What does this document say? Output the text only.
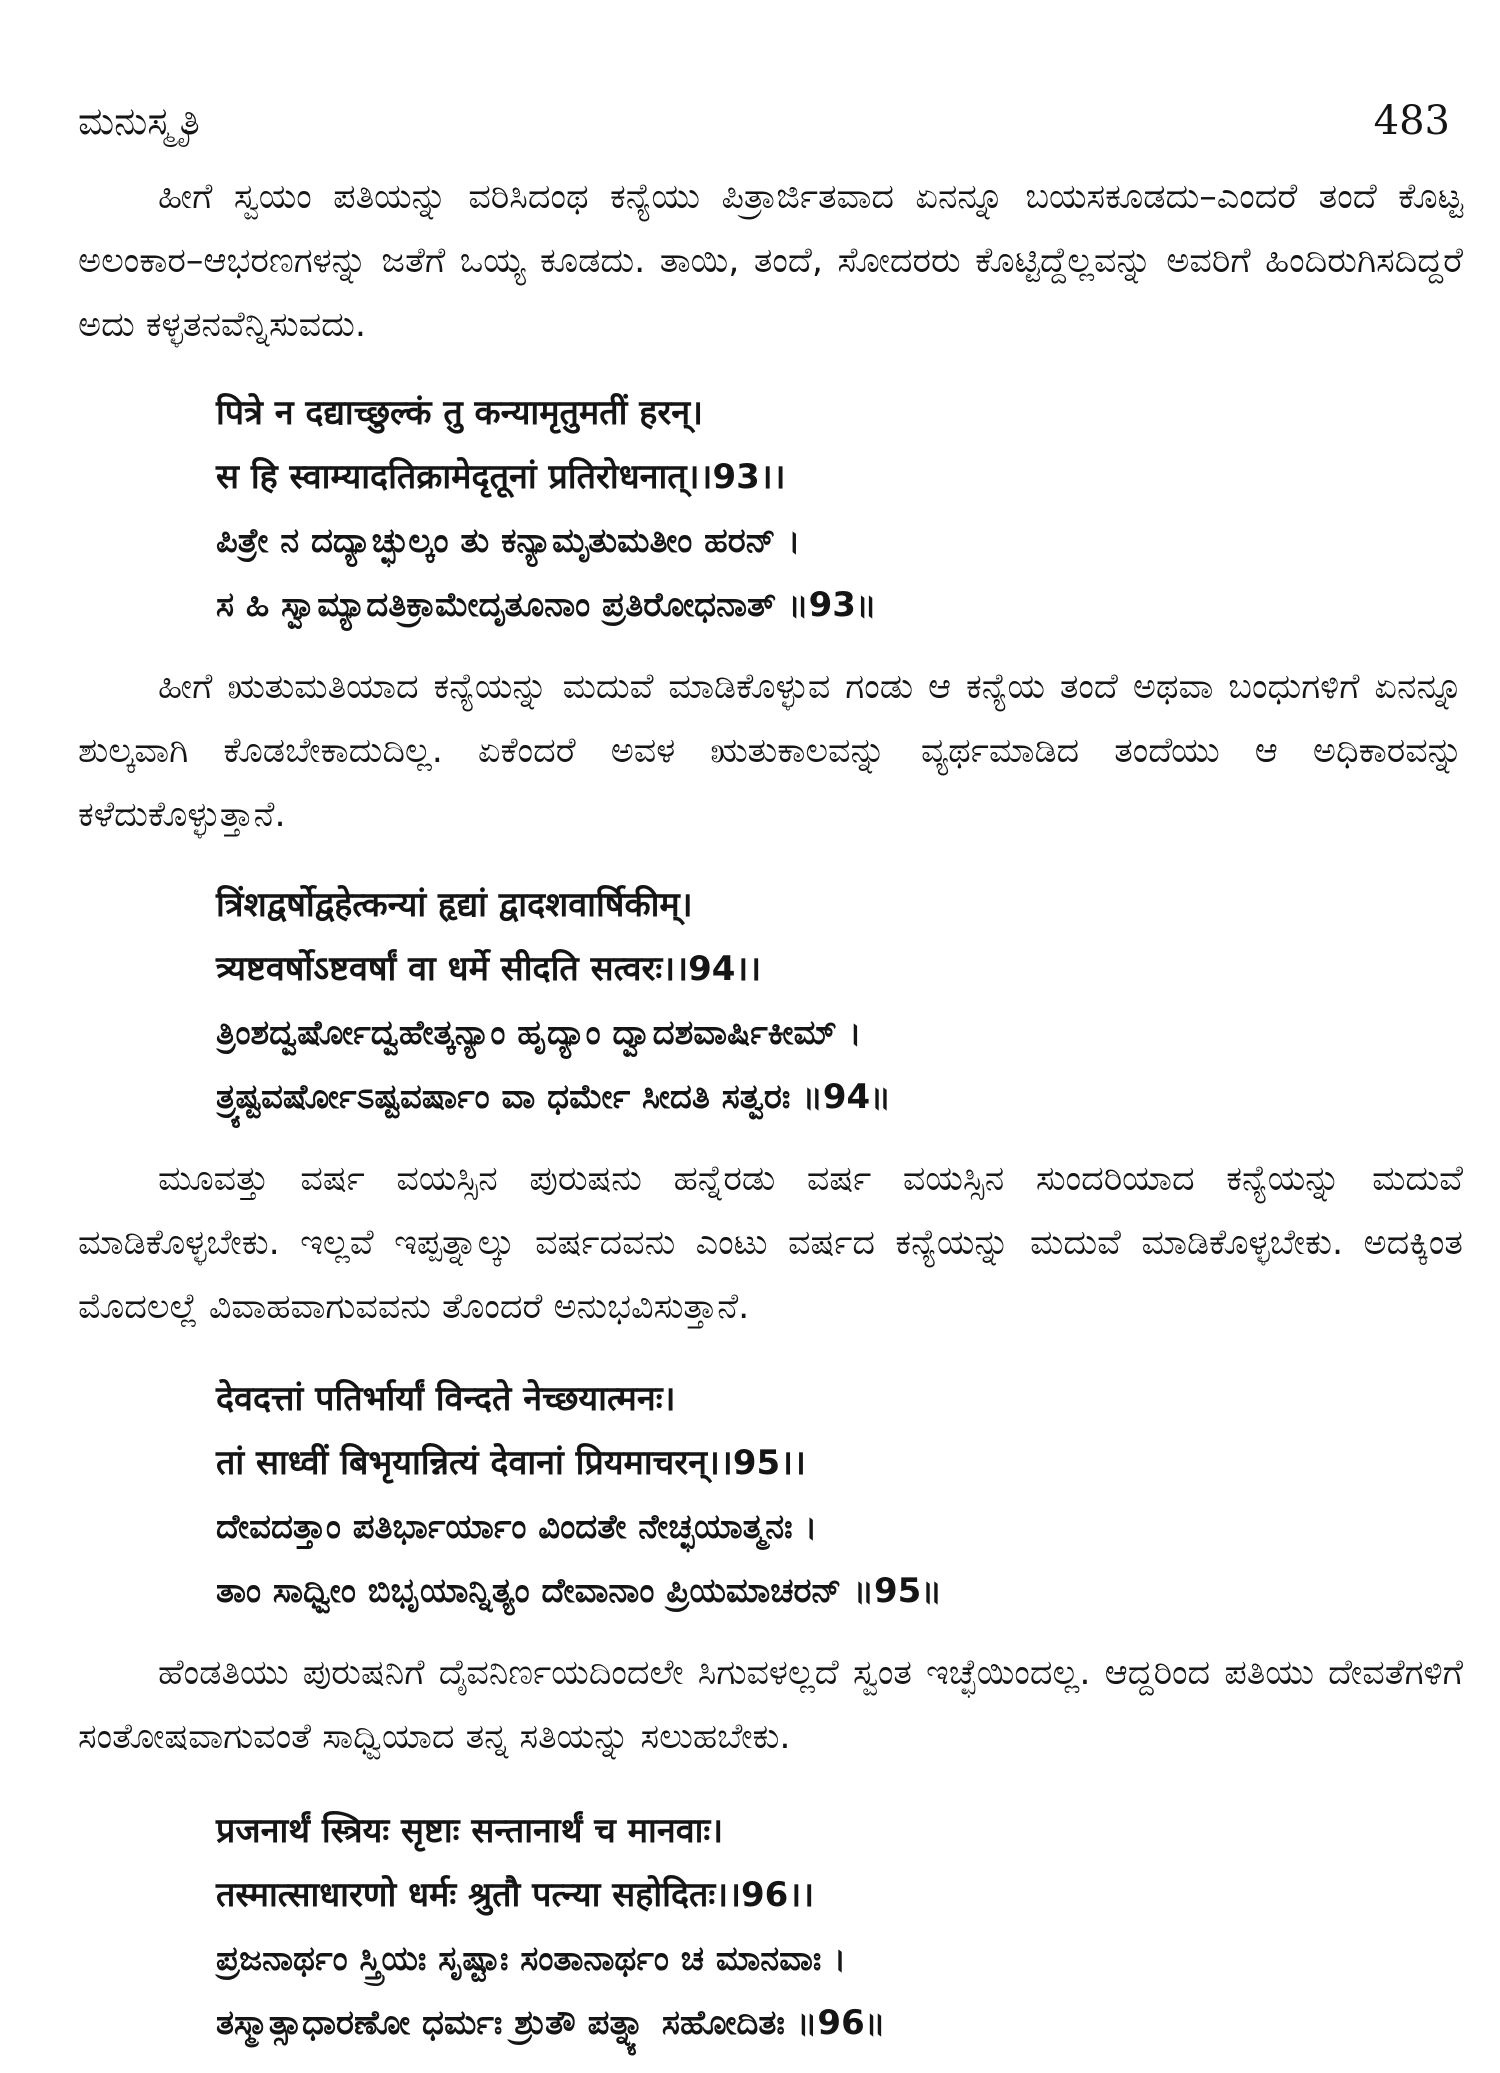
ಮನುಸ್ಮೃತಿ	483

ಹೀಗೆ ಸ್ವಯಂ ಪತಿಯನ್ನು ವರಿಸಿದಂಥ ಕನ್ಯೆಯು ಪಿತ್ರಾರ್ಜಿತವಾದ ಏನನ್ನೂ ಬಯಸಕೂಡದು–ಎಂದರೆ ತಂದೆ ಕೊಟ್ಟ ಅಲಂಕಾರ–ಆಭರಣಗಳನ್ನು ಜತೆಗೆ ಒಯ್ಯ ಕೂಡದು. ತಾಯಿ, ತಂದೆ, ಸೋದರರು ಕೊಟ್ಟಿದ್ದೆಲ್ಲವನ್ನು ಅವರಿಗೆ ಹಿಂದಿರುಗಿಸದಿದ್ದರೆ ಅದು ಕಳ್ಳತನವೆನ್ನಿಸುವದು.

पित्रे न दद्याच्छुल्कं तु कन्यामृतुमतीं हरन्।

स हि स्वाम्यादतिक्रामेदृतूनां प्रतिरोधनात्।।93।।

ಪಿತ್ರೇ ನ ದದ್ಯಾಚ್ಛುಲ್ಕಂ ತು ಕನ್ಯಾಮೃತುಮತೀಂ ಹರನ್ ।

ಸ ಹಿ ಸ್ವಾಮ್ಯಾದತಿಕ್ರಾಮೇದೃತೂನಾಂ ಪ್ರತಿರೋಧನಾತ್ ॥93॥

ಹೀಗೆ ಋತುಮತಿಯಾದ ಕನ್ಯೆಯನ್ನು ಮದುವೆ ಮಾಡಿಕೊಳ್ಳುವ ಗಂಡು ಆ ಕನ್ಯೆಯ ತಂದೆ ಅಥವಾ ಬಂಧುಗಳಿಗೆ ಏನನ್ನೂ ಶುಲ್ಕವಾಗಿ ಕೊಡಬೇಕಾದುದಿಲ್ಲ. ಏಕೆಂದರೆ ಅವಳ ಋತುಕಾಲವನ್ನು ವ್ಯರ್ಥಮಾಡಿದ ತಂದೆಯು ಆ ಅಧಿಕಾರವನ್ನು ಕಳೆದುಕೊಳ್ಳುತ್ತಾನೆ.

त्रिंशद्वर्षोद्वहेत्कन्यां हृद्यां द्वादशवार्षिकीम्।

त्र्यष्टवर्षोऽष्टवर्षां वा धर्मे सीदति सत्वरः।।94।।

ತ್ರಿಂಶದ್ವರ್ಷೋದ್ವಹೇತ್ಕನ್ಯಾಂ ಹೃದ್ಯಾಂ ದ್ವಾದಶವಾರ್ಷಿಕೀಮ್ ।

ತ್ರ್ಯಷ್ಟವರ್ಷೋಽಷ್ಟವರ್ಷಾಂ ವಾ ಧರ್ಮೇ ಸೀದತಿ ಸತ್ವರಃ ॥94॥

ಮೂವತ್ತು ವರ್ಷ ವಯಸ್ಸಿನ ಪುರುಷನು ಹನ್ನೆರಡು ವರ್ಷ ವಯಸ್ಸಿನ ಸುಂದರಿಯಾದ ಕನ್ಯೆಯನ್ನು ಮದುವೆ ಮಾಡಿಕೊಳ್ಳಬೇಕು. ಇಲ್ಲವೆ ಇಪ್ಪತ್ನಾಲ್ಕು ವರ್ಷದವನು ಎಂಟು ವರ್ಷದ ಕನ್ಯೆಯನ್ನು ಮದುವೆ ಮಾಡಿಕೊಳ್ಳಬೇಕು. ಅದಕ್ಕಿಂತ ಮೊದಲಲ್ಲೆ ವಿವಾಹವಾಗುವವನು ತೊಂದರೆ ಅನುಭವಿಸುತ್ತಾನೆ.

देवदत्तां पतिर्भार्यां विन्दते नेच्छयात्मनः।

तां साध्वीं बिभृयान्नित्यं देवानां प्रियमाचरन्।।95।।

ದೇವದತ್ತಾಂ ಪತಿರ್ಭಾರ್ಯಾಂ ವಿಂದತೇ ನೇಚ್ಛಯಾತ್ಮನಃ ।

ತಾಂ ಸಾಧ್ವೀಂ ಬಿಭೃಯಾನ್ನಿತ್ಯಂ ದೇವಾನಾಂ ಪ್ರಿಯಮಾಚರನ್ ॥95॥

ಹೆಂಡತಿಯು ಪುರುಷನಿಗೆ ದೈವನಿರ್ಣಯದಿಂದಲೇ ಸಿಗುವಳಲ್ಲದೆ ಸ್ವಂತ ಇಚ್ಛೆಯಿಂದಲ್ಲ. ಆದ್ದರಿಂದ ಪತಿಯು ದೇವತೆಗಳಿಗೆ ಸಂತೋಷವಾಗುವಂತೆ ಸಾಧ್ವಿಯಾದ ತನ್ನ ಸತಿಯನ್ನು ಸಲುಹಬೇಕು.

प्रजनार्थं स्त्रियः सृष्टाः सन्तानार्थं च मानवाः।

तस्मात्साधारणो धर्मः श्रुतौ पत्न्या सहोदितः।।96।।

ಪ್ರಜನಾರ್ಥಂ ಸ್ತ್ರಿಯಃ ಸೃಷ್ಟಾಃ ಸಂತಾನಾರ್ಥಂ ಚ ಮಾನವಾಃ ।

ತಸ್ಮಾತ್ಸಾಧಾರಣೋ ಧರ್ಮಃ ಶ್ರುತೌ ಪತ್ನ್ಯಾ ಸಹೋದಿತಃ ॥96॥
